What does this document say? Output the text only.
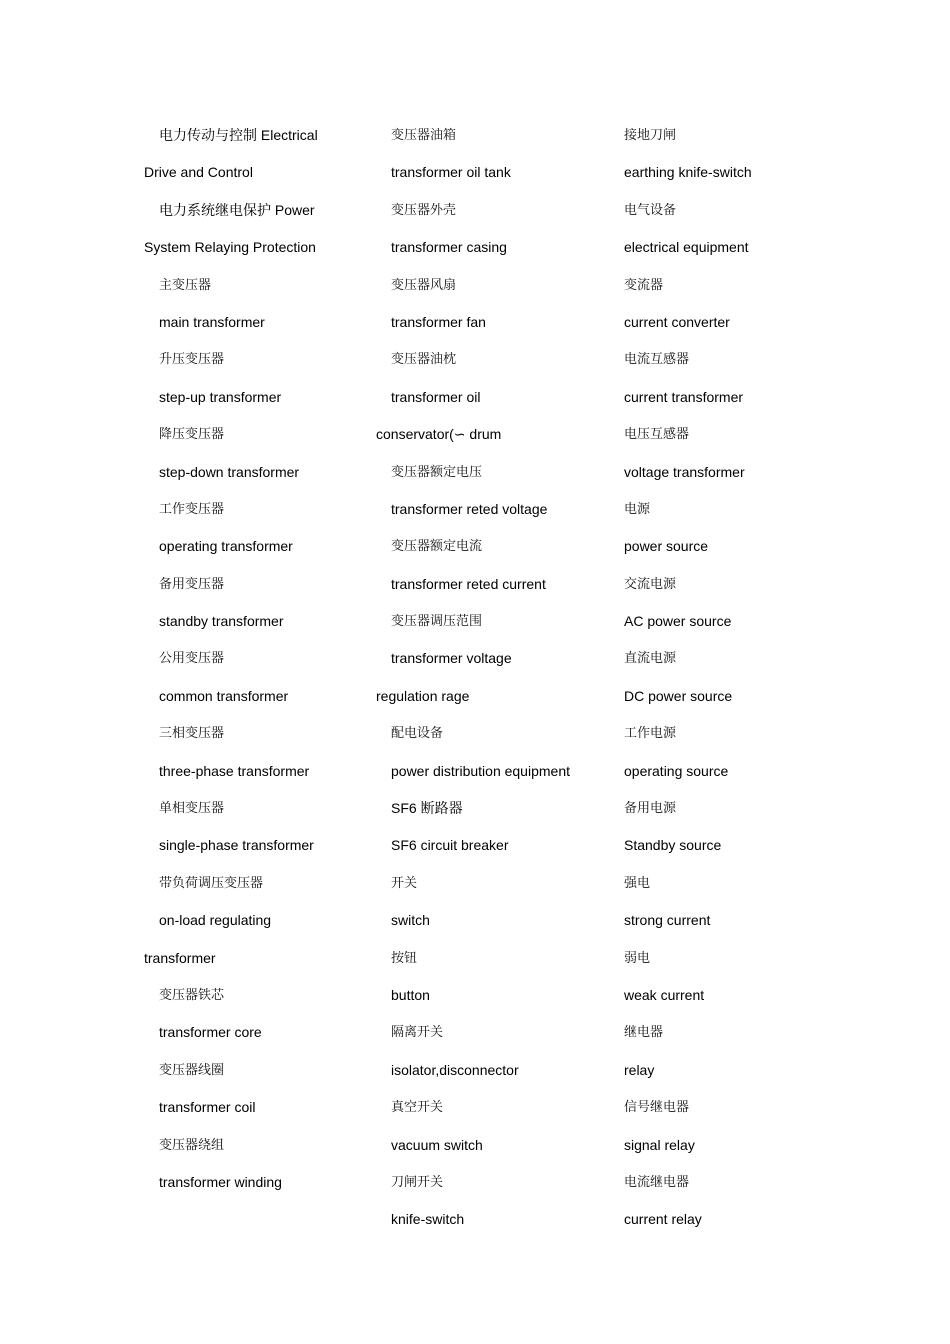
电力传动与控制 Electrical
Drive and Control
电力系统继电保护 Power
System Relaying Protection
主变压器
main transformer
升压变压器
step-up transformer
降压变压器
step-down transformer
工作变压器
operating transformer
备用变压器
standby transformer
公用变压器
common transformer
三相变压器
three-phase transformer
单相变压器
single-phase transformer
带负荷调压变压器
on-load regulating
transformer
变压器铁芯
transformer core
变压器线圈
transformer coil
变压器绕组
transformer winding
变压器油箱
transformer oil tank
变压器外壳
transformer casing
变压器风扇
transformer fan
变压器油枕
transformer oil
conservator(∽ drum
变压器额定电压
transformer reted voltage
变压器额定电流
transformer reted current
变压器调压范围
transformer voltage
regulation rage
配电设备
power distribution equipment
SF6 断路器
SF6 circuit breaker
开关
switch
按钮
button
隔离开关
isolator,disconnector
真空开关
vacuum switch
刀闸开关
knife-switch
接地刀闸
earthing knife-switch
电气设备
electrical equipment
变流器
current converter
电流互感器
current transformer
电压互感器
voltage transformer
电源
power source
交流电源
AC power source
直流电源
DC power source
工作电源
operating source
备用电源
Standby source
强电
strong current
弱电
weak current
继电器
relay
信号继电器
signal relay
电流继电器
current relay
